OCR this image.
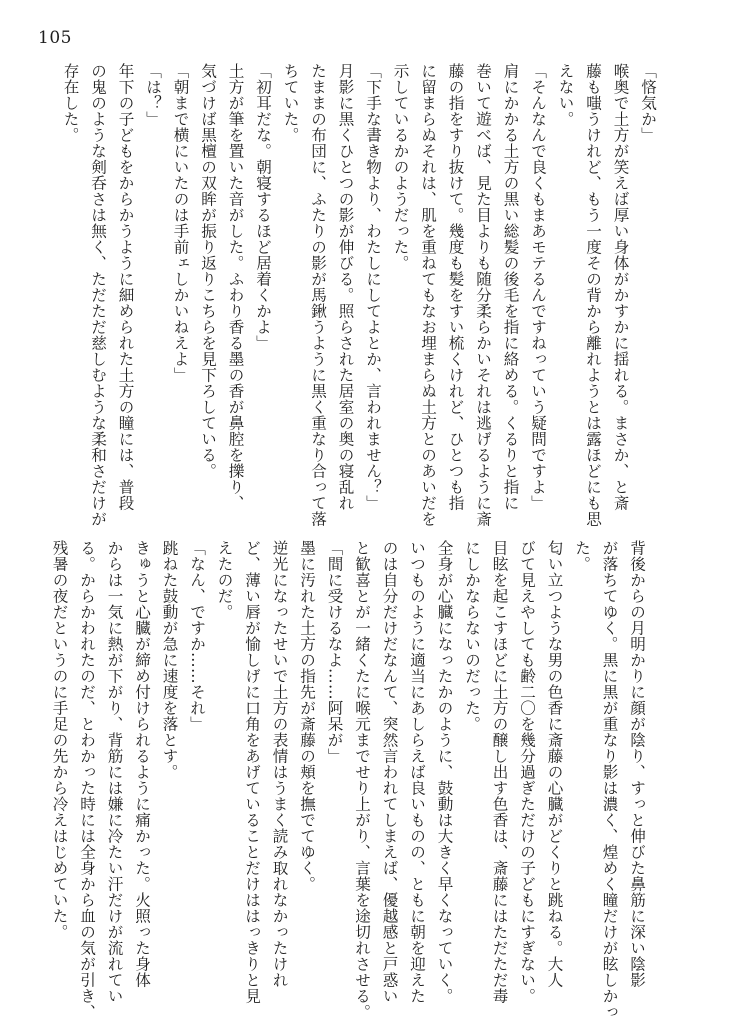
105
「悋気か」
喉奥で土方が笑えば厚い身体がかすかに揺れる。まさか、と斎
藤も嗤うけれど、もう一度その背から離れようとは露ほどにも思
えない。
「そんなんで良くもまあモテるんですねっていう疑問ですよ」
肩にかかる土方の黒い総髪の後毛を指に絡める。くるりと指に
巻いて遊べば、見た目よりも随分柔らかいそれは逃げるように斎
藤の指をすり抜けて。幾度も髪をすい梳くけれど、ひとつも指
に留まらぬそれは、肌を重ねてもなお埋まらぬ土方とのあいだを
示しているかのようだった。
「下手な書き物より、わたしにしてよとか、言われません？」
月影に黒くひとつの影が伸びる。照らされた居室の奥の寝乱れ
たままの布団に、ふたりの影が馬鍬うように黒く重なり合って落
ちていた。
「初耳だな。朝寝するほど居着くかよ」
土方が筆を置いた音がした。ふわり香る墨の香が鼻腔を擽り、
気づけば黒檀の双眸が振り返りこちらを見下ろしている。
「朝まで横にいたのは手前ェしかいねえよ」
「は？」
年下の子どもをからかうように細められた土方の瞳には、普段
の鬼のような剣呑さは無く、ただただ慈しむような柔和さだけが
存在した。
背後からの月明かりに顔が陰り、すっと伸びた鼻筋に深い陰影
が落ちてゆく。黒に黒が重なり影は濃く、煌めく瞳だけが眩しかっ
た。
匂い立つような男の色香に斎藤の心臓がどくりと跳ねる。大人
びて見えやしても齢二〇を幾分過ぎただけの子どもにすぎない。
目眩を起こすほどに土方の醸し出す色香は、斎藤にはただただ毒
にしかならないのだった。
全身が心臓になったかのように、鼓動は大きく早くなっていく。
いつものように適当にあしらえば良いものの、ともに朝を迎えた
のは自分だけだなんて、突然言われてしまえば、優越感と戸惑い
と歓喜とが一緒くたに喉元までせり上がり、言葉を途切れさせる。
「間に受けるなよ……阿呆が」
墨に汚れた土方の指先が斎藤の頬を撫でてゆく。
逆光になったせいで土方の表情はうまく読み取れなかったけれ
ど、薄い唇が愉しげに口角をあげていることだけははっきりと見
えたのだ。
「なん、ですか……それ」
跳ねた鼓動が急に速度を落とす。
きゅうと心臓が締め付けられるように痛かった。火照った身体
からは一気に熱が下がり、背筋には嫌に冷たい汗だけが流れてい
る。からかわれたのだ、とわかった時には全身から血の気が引き、
残暑の夜だというのに手足の先から冷えはじめていた。
